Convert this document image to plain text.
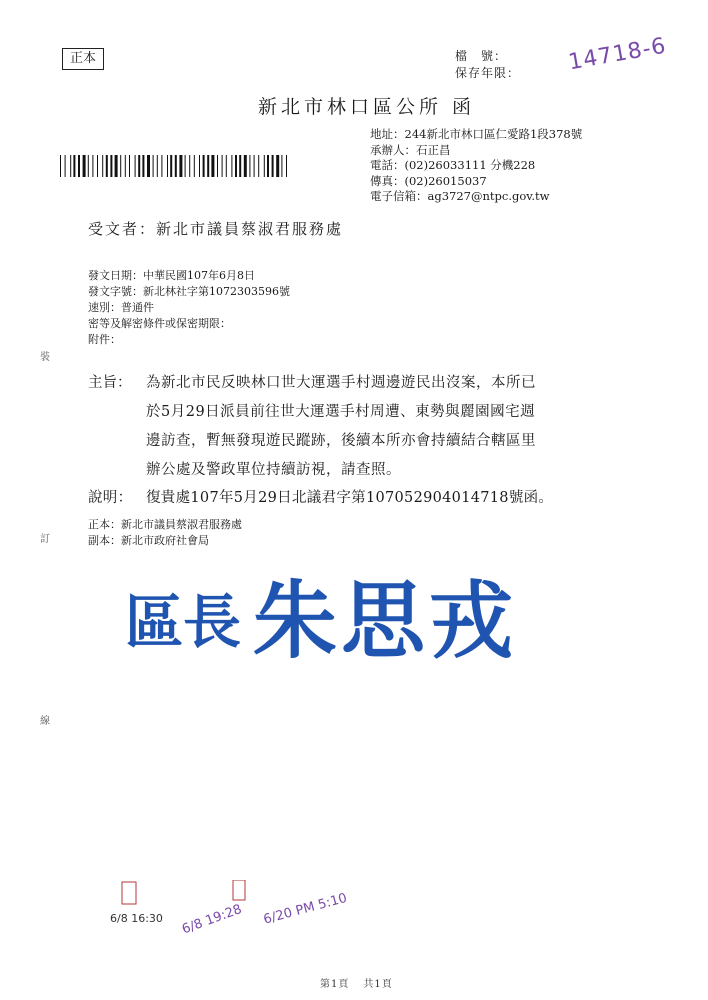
正本	檔　號：
保存年限：	14718-6
新北市林口區公所 函
地址：244新北市林口區仁愛路1段378號
承辦人：石正昌
電話：(02)26033111 分機228
傳真：(02)26015037
電子信箱：ag3727@ntpc.gov.tw
受文者：新北市議員蔡淑君服務處
發文日期： 中華民國107年6月8日
發文字號： 新北林社字第1072303596號
速別： 普通件
密等及解密條件或保密期限：
附件：
裝
訂
線
主旨：	為新北市民反映林口世大運選手村週邊遊民出沒案，本所已
於5月29日派員前往世大運選手村周遭、東勢與麗園國宅週
邊訪查，暫無發現遊民蹤跡，後續本所亦會持續結合轄區里
辦公處及警政單位持續訪視，請查照。
說明： 復貴處107年5月29日北議君字第107052904014718號函。
正本： 新北市議員蔡淑君服務處
副本： 新北市政府社會局
區長 朱思戎
6/8 16:30 6/8 19:28 6/20 PM 5:10
第1頁 共1頁
